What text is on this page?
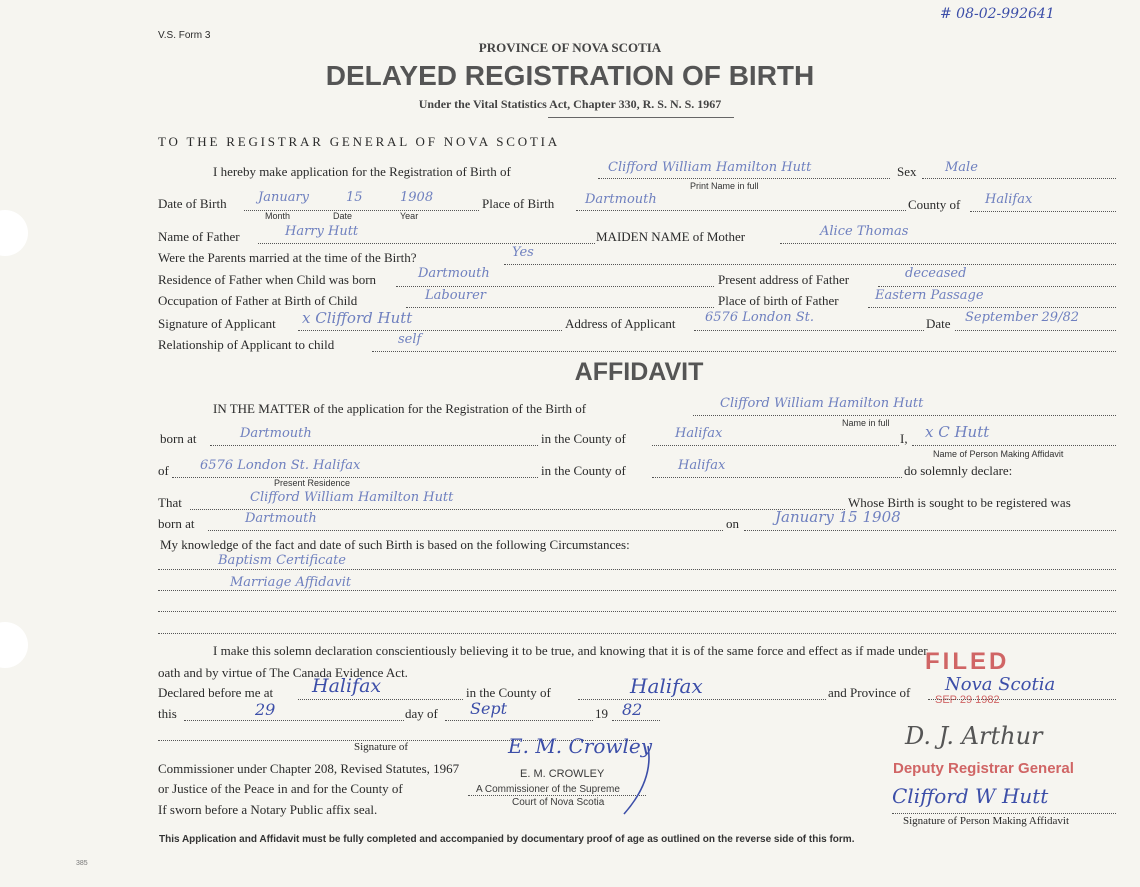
V.S. Form 3
# 08-02-992641
PROVINCE OF NOVA SCOTIA
DELAYED REGISTRATION OF BIRTH
Under the Vital Statistics Act, Chapter 330, R. S. N. S. 1967
TO THE REGISTRAR GENERAL OF NOVA SCOTIA
I hereby make application for the Registration of Birth of	Clifford William Hamilton Hutt
Print Name in full
Sex Male
Date of Birth January	15	1908
Month	Date	Year
Place of Birth Dartmouth	County of Halifax
Name of Father	Harry Hutt	MAIDEN NAME of Mother	Alice Thomas
Were the Parents married at the time of the Birth?	Yes
Residence of Father when Child was born	Dartmouth	Present address of Father	deceased
Occupation of Father at Birth of Child	Labourer	Place of birth of Father	Eastern Passage
Signature of Applicant x Clifford Hutt	Address of Applicant 6576 London St.	Date September 29/82
Relationship of Applicant to child	self
AFFIDAVIT
IN THE MATTER of the application for the Registration of the Birth of	Clifford William Hamilton Hutt
Name in full
born at	Dartmouth	in the County of	Halifax	I, x C Hutt
Name of Person Making Affidavit
of 6576 London St. Halifax
Present Residence
in the County of	Halifax	do solemnly declare:
That	Clifford William Hamilton Hutt	Whose Birth is sought to be registered was
born at	Dartmouth	on January 15 1908
My knowledge of the fact and date of such Birth is based on the following Circumstances:
Baptism Certificate
Marriage Affidavit
I make this solemn declaration conscientiously believing it to be true, and knowing that it is of the same force and effect as if made under
oath and by virtue of The Canada Evidence Act.	FILED
SEP 29 1982
Declared before me at Halifax	in the County of	Halifax	and Province of Nova Scotia
this	29	day of Sept	19 82
Signature of	E. M. Crowley
Commissioner under Chapter 208, Revised Statutes, 1967
or Justice of the Peace in and for the County of
If sworn before a Notary Public affix seal.
E. M. CROWLEY
A Commissioner of the Supreme
Court of Nova Scotia
D. J. Arthur
Deputy Registrar General
Clifford W Hutt
Signature of Person Making Affidavit
This Application and Affidavit must be fully completed and accompanied by documentary proof of age as outlined on the reverse side of this form.
385
